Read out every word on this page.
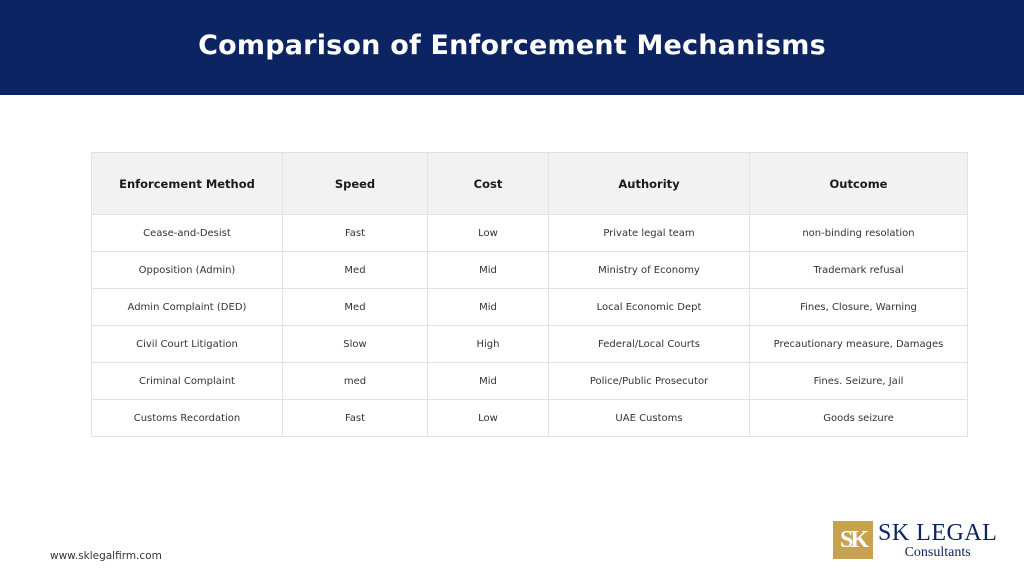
Comparison of Enforcement Mechanisms
Enforcement Method	Speed	Cost	Authority	Outcome
Cease-and-Desist	Fast	Low	Private legal team	non-binding resolation
Opposition (Admin)	Med	Mid	Ministry of Economy	Trademark refusal
Admin Complaint (DED)	Med	Mid	Local Economic Dept	Fines, Closure, Warning
Civil Court Litigation	Slow	High	Federal/Local Courts	Precautionary measure, Damages
Criminal Complaint	med	Mid	Police/Public Prosecutor	Fines. Seizure, Jail
Customs Recordation	Fast	Low	UAE Customs	Goods seizure
www.sklegalfirm.com
SK SK LEGAL
Consultants
